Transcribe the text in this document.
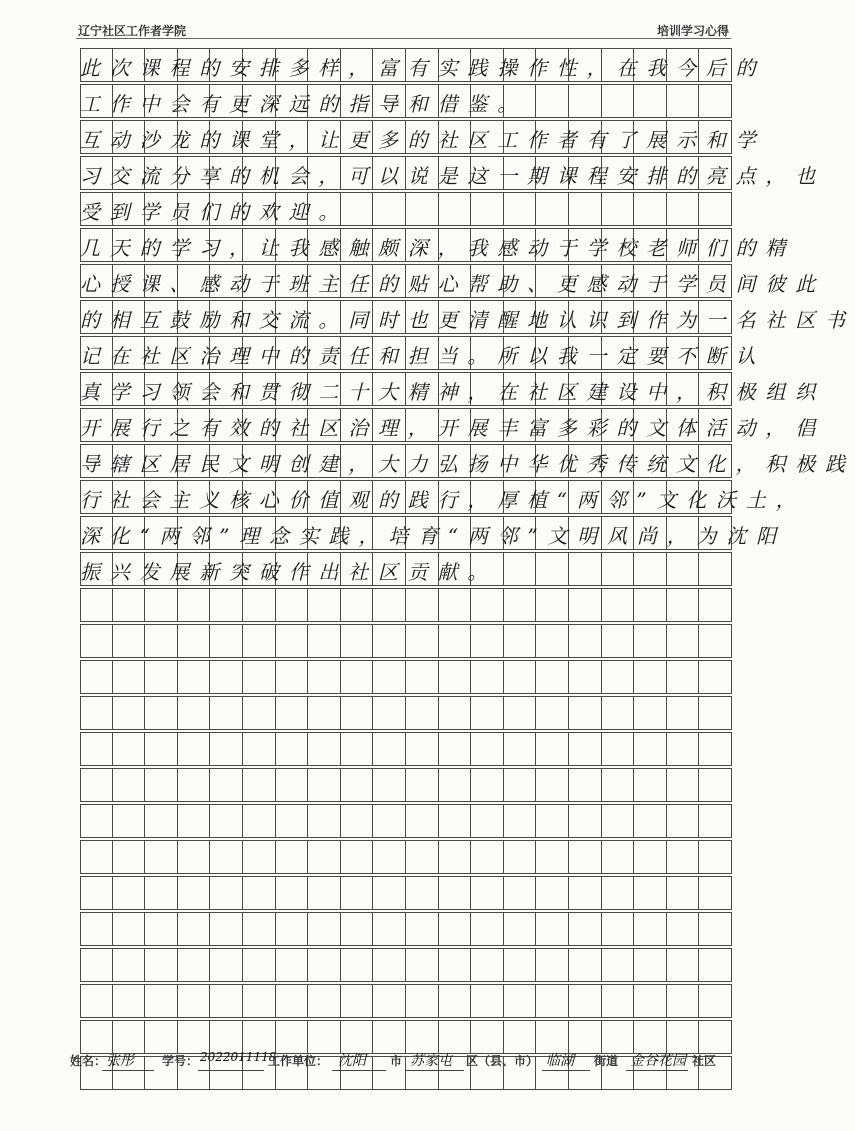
辽宁社区工作者学院	培训学习心得
此次课程的安排多样，富有实践操作性，在我今后的
工作中会有更深远的指导和借鉴。
互动沙龙的课堂，让更多的社区工作者有了展示和学
习交流分享的机会，可以说是这一期课程安排的亮点，也
受到学员们的欢迎。
几天的学习，让我感触颇深，我感动于学校老师们的精
心授课、感动于班主任的贴心帮助、更感动于学员间彼此
的相互鼓励和交流。同时也更清醒地认识到作为一名社区书
记在社区治理中的责任和担当。所以我一定要不断认
真学习领会和贯彻二十大精神，在社区建设中，积极组织
开展行之有效的社区治理，开展丰富多彩的文体活动，倡
导辖区居民文明创建，大力弘扬中华优秀传统文化，积极践
行社会主义核心价值观的践行，厚植“两邻”文化沃土，
深化“两邻”理念实践，培育“两邻”文明风尚，为沈阳
振兴发展新突破作出社区贡献。
姓名： 张彤 学号： 2022011118
工作单位： 沈阳 市 苏家屯 区（县、市） 临湖 街道 金谷花园 社区
